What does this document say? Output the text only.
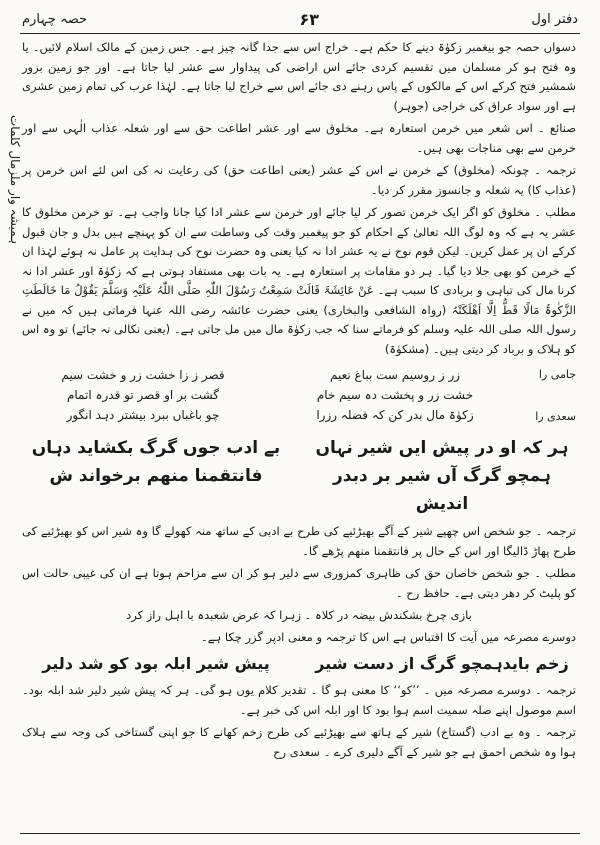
حصہ چہارم	۶۳	دفتر اول
ہمیشہ وار ملزمال کلمات

دسواں حصہ جو بیغمبر زکوٰۃ دینے کا حکم ہے۔ خراج اس سے جدا گانہ چیز ہے۔ جس زمین کے مالک اسلام لائیں۔ یا وہ فتح ہو کر مسلمان میں تقسیم کردی جائے اس اراضی کی پیداوار سے عشر لیا جاتا ہے۔ اور جو زمین بزور شمشیر فتح کرکے اس کے مالکوں کے پاس رہنے دی جائے اس سے خراج لیا جاتا ہے۔ لہٰذا عرب کی تمام زمین عشری ہے اور سواد عراق کی خراجی (جوہر)

صنائع ۔ اس شعر میں خرمن استعارہ ہے۔ مخلوق سے اور عشر اطاعت حق سے اور شعلہ عذاب الٰہی سے اور خرمن سے بھی مناجات بھی ہیں۔

ترجمہ ۔ چونکہ (مخلوق) کے خرمن نے اس کے عشر (یعنی اطاعت حق) کی رعایت نہ کی اس لئے اس خرمن پر (عذاب کا) یہ شعلہ و جانسوز مقرر کر دیا۔

مطلب ۔ مخلوق کو اگر ایک خرمن تصور کر لیا جائے اور خرمن سے عشر ادا کیا جانا واجب ہے۔ تو خرمن مخلوق کا عشر یہ ہے کہ وہ لوگ اللہ تعالیٰ کے احکام کو جو پیغمبر وقت کی وساطت سے ان کو پہنچے ہیں بدل و جان قبول کرکے ان پر عمل کریں۔ لیکن قوم نوح نے یہ عشر ادا نہ کیا یعنی وہ حضرت نوح کی ہدایت پر عامل نہ ہوئے لہٰذا ان کے خرمن کو بھی جلا دیا گیا۔ ہر دو مقامات پر استعارہ ہے۔ یہ بات بھی مستفاد ہوتی ہے کہ زکوٰۃ اور عشر ادا نہ کرنا مال کی تباہی و بربادی کا سبب ہے۔ عَنْ عَائِشَۃَ قَالَتْ سَمِعْتُ رَسُوْلَ اللّٰہِ صَلَّی اللّٰہُ عَلَیْہِ وَسَلَّمَ یَقُوْلُ مَا خَالَطَتِ الزَّکٰوۃُ مَالًا قَطُّ اِلَّا اَھْلَکَتْہُ (رواہ الشافعی والبخاری) یعنی حضرت عائشہ رضی اللہ عنہا فرماتی ہیں کہ میں نے رسول اللہ صلی اللہ علیہ وسلم کو فرماتے سنا کہ جب زکوٰۃ مال میں مل جاتی ہے۔ (یعنی نکالی نہ جائے) تو وہ اس کو ہلاک و برباد کر دیتی ہیں۔ (مشکوٰۃ)

جامی را
سعدی را
زر ز روسیم ست بباغ نعیم
خشت زر و پخشت دہ سیم خام
زکوٰۃ مال بدر کن کہ فضلہ رزرا
قصر ز زا خشت زر و خشت سیم
گشت بر او قصر تو قدرہ اتمام
چو باغباں ببرد بیشتر دہد انگور
ہر کہ او در پیش ایں شیر نہاں
ہمچو گرگ آں شیر بر دبدر اندیش
بے ادب جوں گرگ بکشاید دہاں
فانتقمنا منھم برخواند ش

ترجمہ ۔ جو شخص اس چھپے شیر کے آگے بھیڑئیے کی طرح بے ادبی کے ساتھ منہ کھولے گا وہ شیر اس کو بھیڑئیے کی طرح پھاڑ ڈالیگا اور اس کے حال پر فانتقمنا منھم پڑھے گا۔

مطلب ۔ جو شخص خاصان حق کی ظاہری کمزوری سے دلیر ہو کر ان سے مزاحم ہوتا ہے ان کی غیبی حالت اس کو پلیٹ کر دھر دیتی ہے۔ حافظ رح ۔

بازی چرخ بشکندش بیضہ در کلاہ ۔ زہرا کہ عرض شعبدہ با اہل راز کرد

دوسرے مصرعہ میں آیت کا اقتباس ہے اس کا ترجمہ و معنی ادپر گزر چکا ہے۔

زخم بایدہمچو گرگ از دست شیر
پیش شیر ابلہ بود کو شد دلیر

ترجمہ ۔ دوسرے مصرعہ میں ۔ ’’کو‘‘ کا معنی ہو گا ۔ تقدیر کلام یوں ہو گی۔ ہر کہ پیش شیر دلیر شد ابلہ بود۔ اسم موصول اپنے صلہ سمیت اسم ہوا بود کا اور ابلہ اس کی خبر ہے۔

ترجمہ ۔ وہ بے ادب (گستاخ) شیر کے ہاتھ سے بھیڑئیے کی طرح زخم کھانے کا جو اپنی گستاخی کی وجہ سے ہلاک ہوا وہ شخص احمق ہے جو شیر کے آگے دلیری کرے ۔ سعدی رح
